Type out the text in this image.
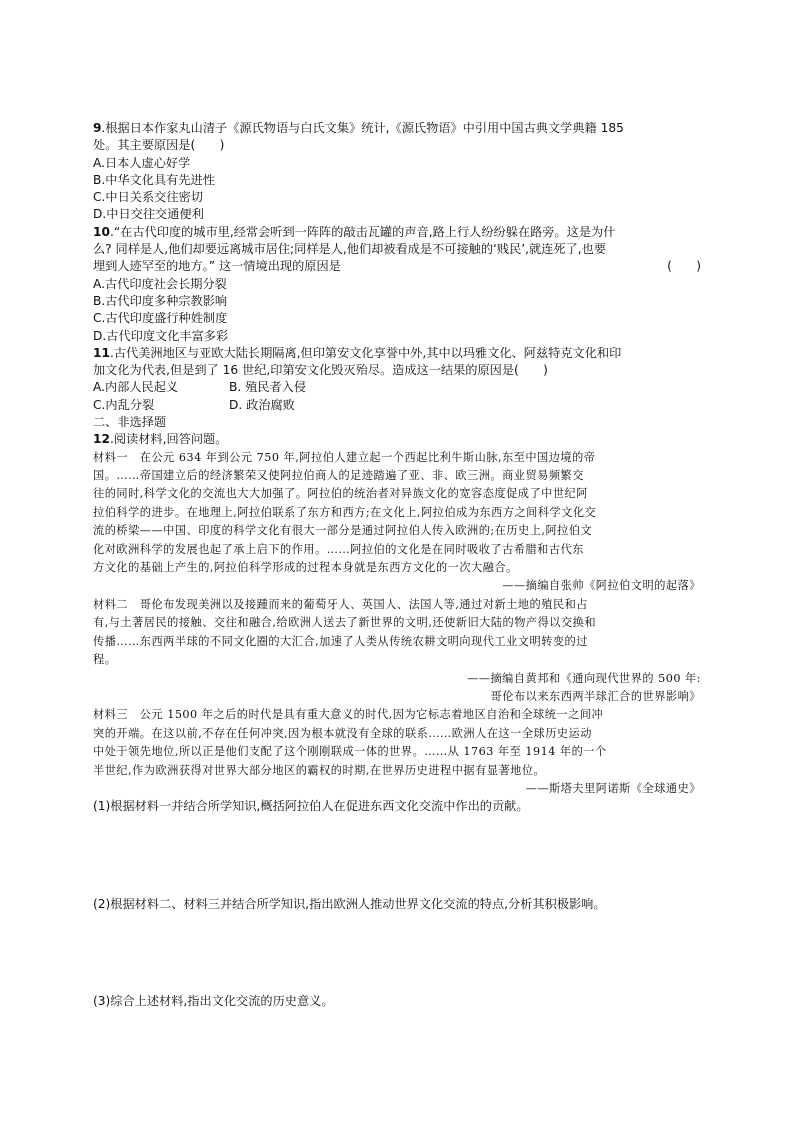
9.根据日本作家丸山清子《源氏物语与白氏文集》统计,《源氏物语》中引用中国古典文学典籍 185
处。其主要原因是(　　)
A.日本人虚心好学
B.中华文化具有先进性
C.中日关系交往密切
D.中日交往交通便利
10.“在古代印度的城市里,经常会听到一阵阵的敲击瓦罐的声音,路上行人纷纷躲在路旁。这是为什
么? 同样是人,他们却要远离城市居住;同样是人,他们却被看成是不可接触的‘贱民’,就连死了,也要
埋到人迹罕至的地方。” 这一情境出现的原因是	(　　)
A.古代印度社会长期分裂
B.古代印度多种宗教影响
C.古代印度盛行种姓制度
D.古代印度文化丰富多彩
11.古代美洲地区与亚欧大陆长期隔离,但印第安文化享誉中外,其中以玛雅文化、阿兹特克文化和印
加文化为代表,但是到了 16 世纪,印第安文化毁灭殆尽。造成这一结果的原因是(　　)
A.内部人民起义	B. 殖民者入侵
C.内乱分裂	D. 政治腐败
二、非选择题
12.阅读材料,回答问题。
材料一　在公元 634 年到公元 750 年,阿拉伯人建立起一个西起比利牛斯山脉,东至中国边境的帝
国。……帝国建立后的经济繁荣又使阿拉伯商人的足迹踏遍了亚、非、欧三洲。商业贸易频繁交
往的同时,科学文化的交流也大大加强了。阿拉伯的统治者对异族文化的宽容态度促成了中世纪阿
拉伯科学的进步。在地理上,阿拉伯联系了东方和西方;在文化上,阿拉伯成为东西方之间科学文化交
流的桥梁——中国、印度的科学文化有很大一部分是通过阿拉伯人传入欧洲的;在历史上,阿拉伯文
化对欧洲科学的发展也起了承上启下的作用。……阿拉伯的文化是在同时吸收了古希腊和古代东
方文化的基础上产生的,阿拉伯科学形成的过程本身就是东西方文化的一次大融合。
——摘编自张帅《阿拉伯文明的起落》
材料二　哥伦布发现美洲以及接踵而来的葡萄牙人、英国人、法国人等,通过对新土地的殖民和占
有,与土著居民的接触、交往和融合,给欧洲人送去了新世界的文明,还使新旧大陆的物产得以交换和
传播……东西两半球的不同文化圈的大汇合,加速了人类从传统农耕文明向现代工业文明转变的过
程。
——摘编自黄邦和《通向现代世界的 500 年:
哥伦布以来东西两半球汇合的世界影响》
材料三　公元 1500 年之后的时代是具有重大意义的时代,因为它标志着地区自治和全球统一之间冲
突的开端。在这以前,不存在任何冲突,因为根本就没有全球的联系……欧洲人在这一全球历史运动
中处于领先地位,所以正是他们支配了这个刚刚联成一体的世界。……从 1763 年至 1914 年的一个
半世纪,作为欧洲获得对世界大部分地区的霸权的时期,在世界历史进程中据有显著地位。
——斯塔夫里阿诺斯《全球通史》
(1)根据材料一并结合所学知识,概括阿拉伯人在促进东西文化交流中作出的贡献。
(2)根据材料二、材料三并结合所学知识,指出欧洲人推动世界文化交流的特点,分析其积极影响。
(3)综合上述材料,指出文化交流的历史意义。
